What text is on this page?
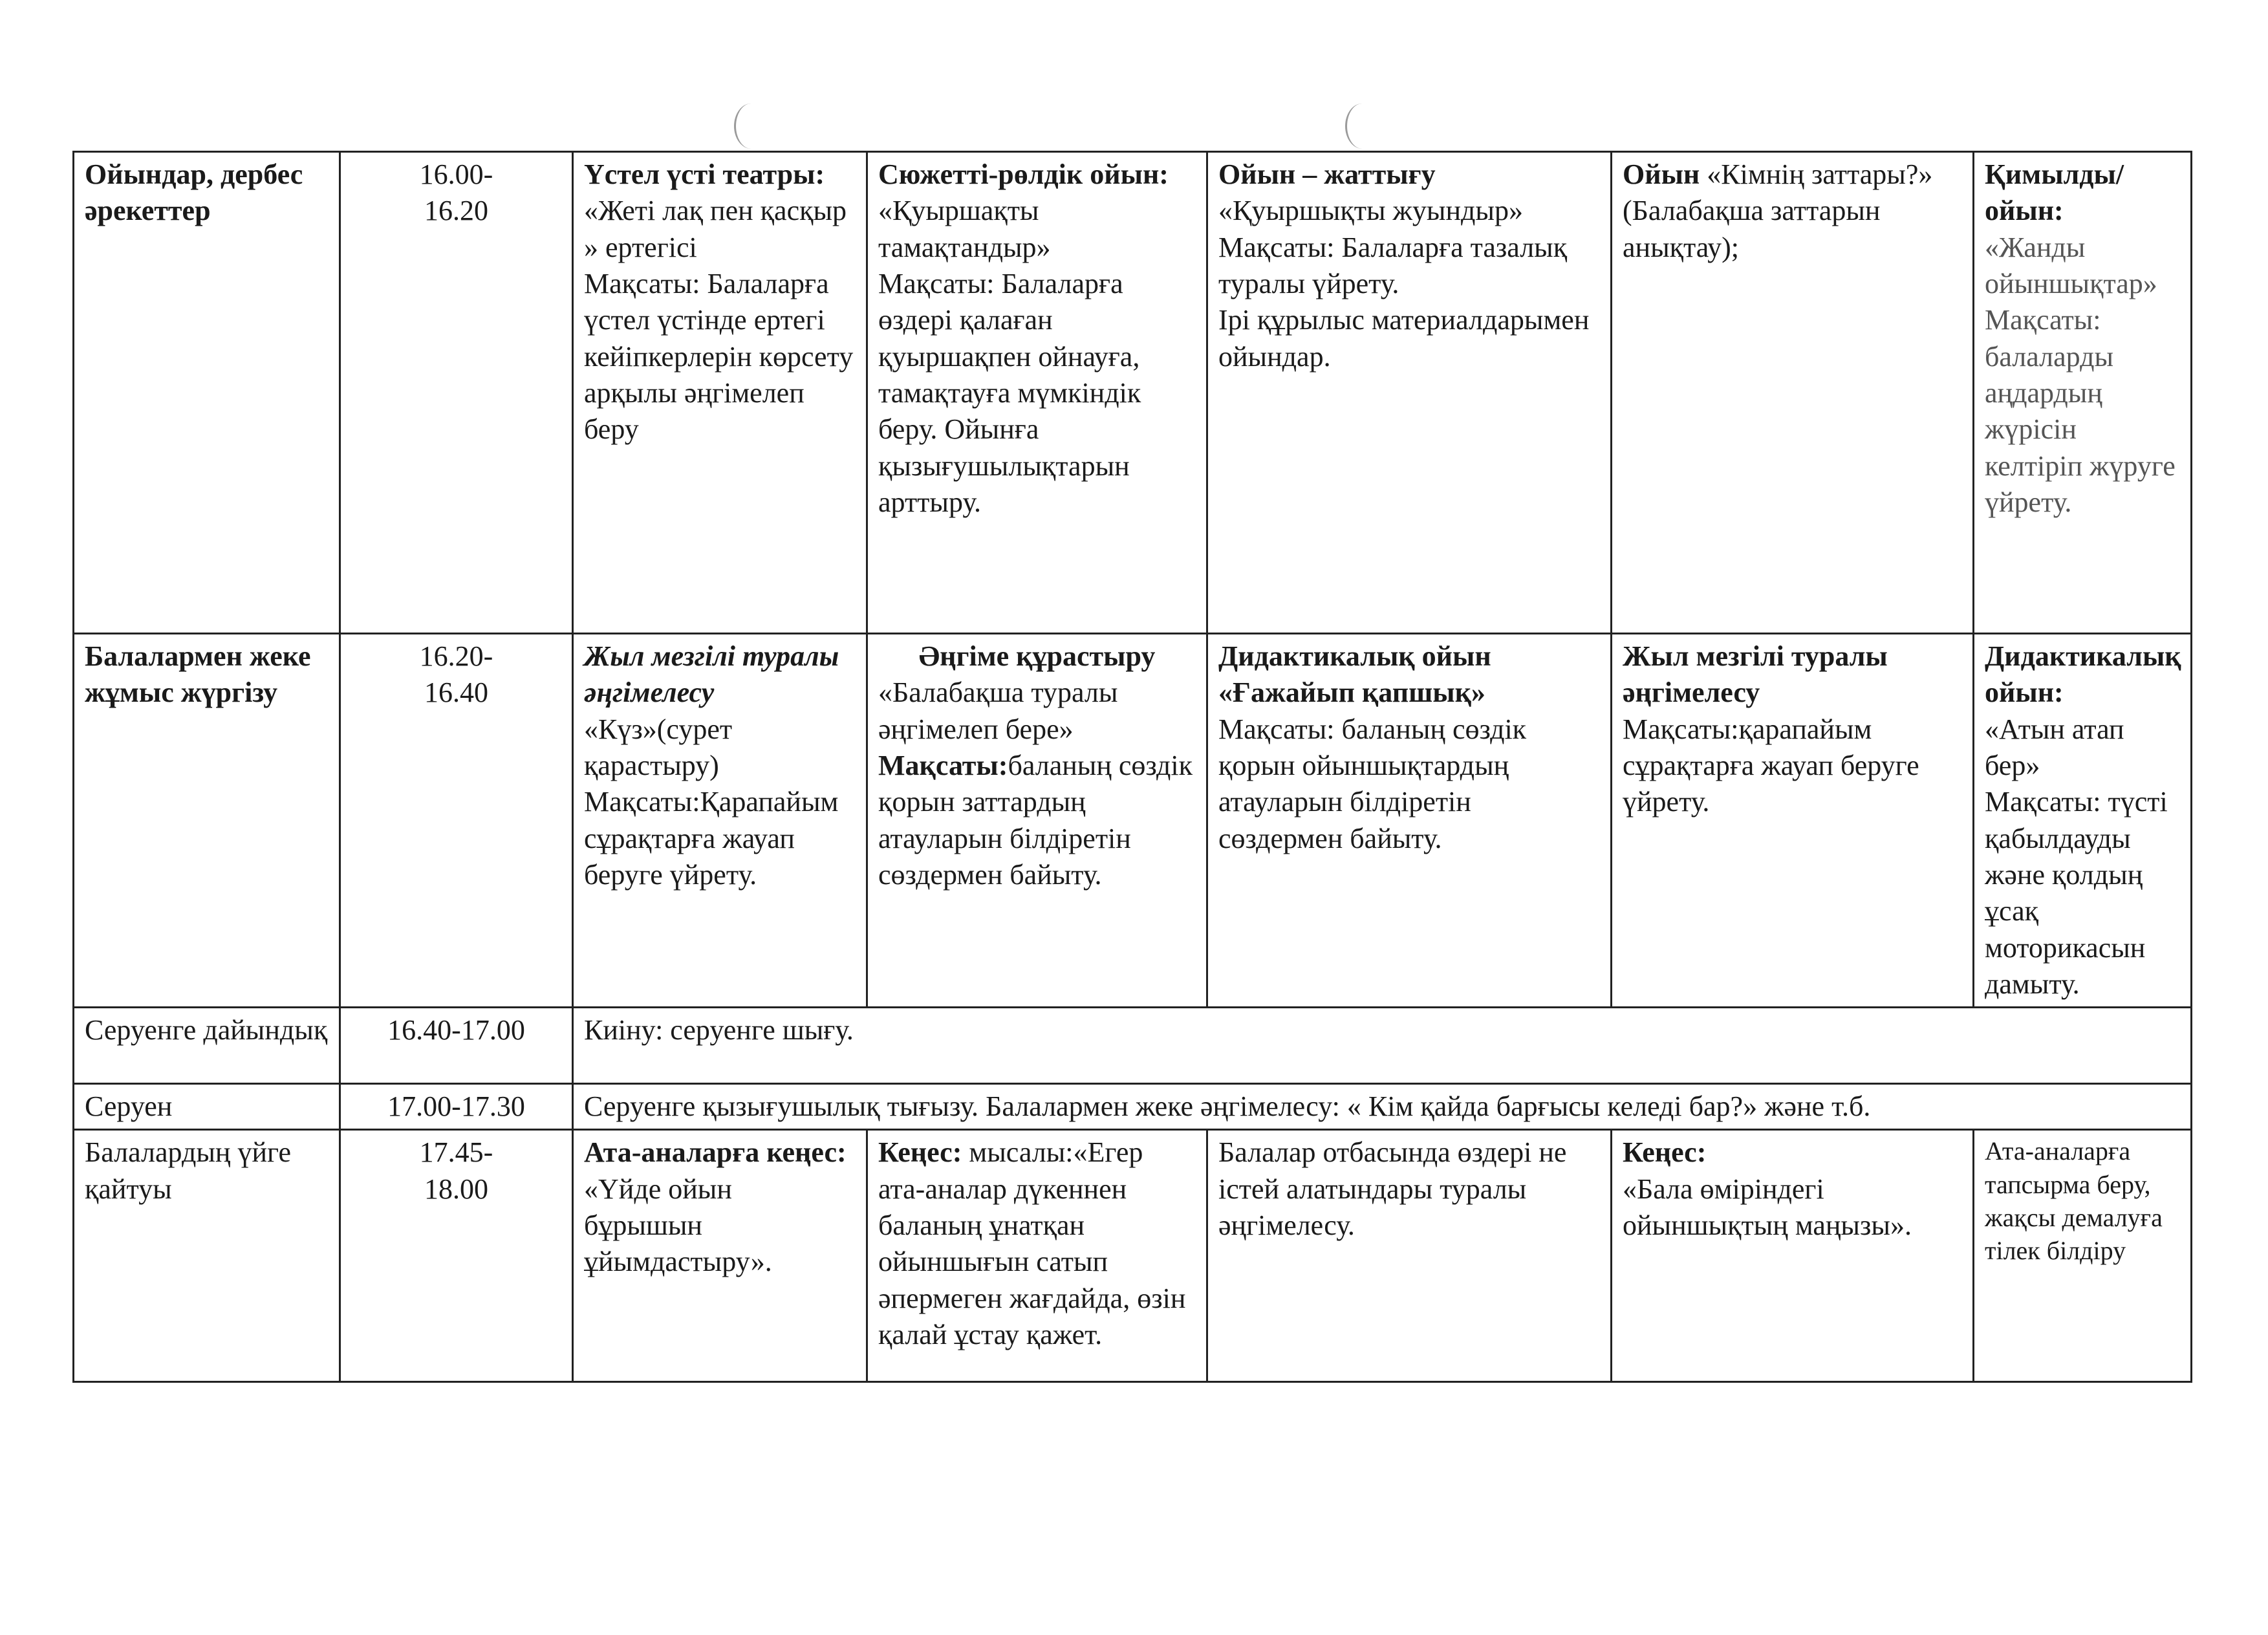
Ойындар, дербес әрекеттер	16.00-
16.20	Үстел үсті театры:
«Жеті лақ пен қасқыр » ертегісі
Мақсаты: Балаларға үстел үстінде ертегі кейіпкерлерін көрсету арқылы әңгімелеп беру	Сюжетті-рөлдік ойын:
«Қуыршақты тамақтандыр»
Мақсаты: Балаларға өздері қалаған қуыршақпен ойнауға, тамақтауға мүмкіндік беру. Ойынға қызығушылықтарын арттыру.	Ойын – жаттығу
«Қуыршықты жуындыр»
Мақсаты: Балаларға тазалық туралы үйрету.
Ірі құрылыс материалдарымен ойындар.	Ойын «Кімнің заттары?» (Балабақша заттарын анықтау);	Қимылды/ойын:
«Жанды ойыншықтар»
Мақсаты: балаларды аңдардың жүрісін келтіріп жүруге үйрету.

Балалармен жеке жұмыс жүргізу	16.20-
16.40	Жыл мезгілі туралы әңгімелесу
«Күз»(сурет қарастыру)
Мақсаты:Қарапайым сұрақтарға жауап беруге үйрету.	Әңгіме құрастыру
«Балабақша туралы әңгімелеп бере»
Мақсаты:баланың сөздік қорын заттардың атауларын білдіретін сөздермен байыту.	Дидактикалық ойын
«Ғажайып қапшық»
Мақсаты: баланың сөздік қорын ойыншықтардың атауларын білдіретін сөздермен байыту.	Жыл мезгілі туралы әңгімелесу
Мақсаты:қарапайым сұрақтарға жауап беруге үйрету.	Дидактикалық ойын:
«Атын атап бер»
Мақсаты: түсті қабылдауды және қолдың ұсақ моторикасын дамыту.

Серуенге дайындық	16.40-17.00	Киіну: серуенге шығу.				

Серуен	17.00-17.30	Серуенге қызығушылық тығызу. Балалармен жеке әңгімелесу: « Кім қайда барғысы келеді бар?» және т.б.				

Балалардың үйге қайтуы	17.45-
18.00	Ата-аналарға кеңес:
«Үйде ойын бұрышын ұйымдастыру».	Кеңес: мысалы:«Егер ата-аналар дүкеннен баланың ұнатқан ойыншығын сатып әпермеген жағдайда, өзін қалай ұстау қажет.	Балалар отбасында өздері не істей алатындары туралы әңгімелесу.	Кеңес:
«Бала өміріндегі ойыншықтың маңызы».	Ата-аналарға тапсырма беру, жақсы демалуға тілек білдіру
